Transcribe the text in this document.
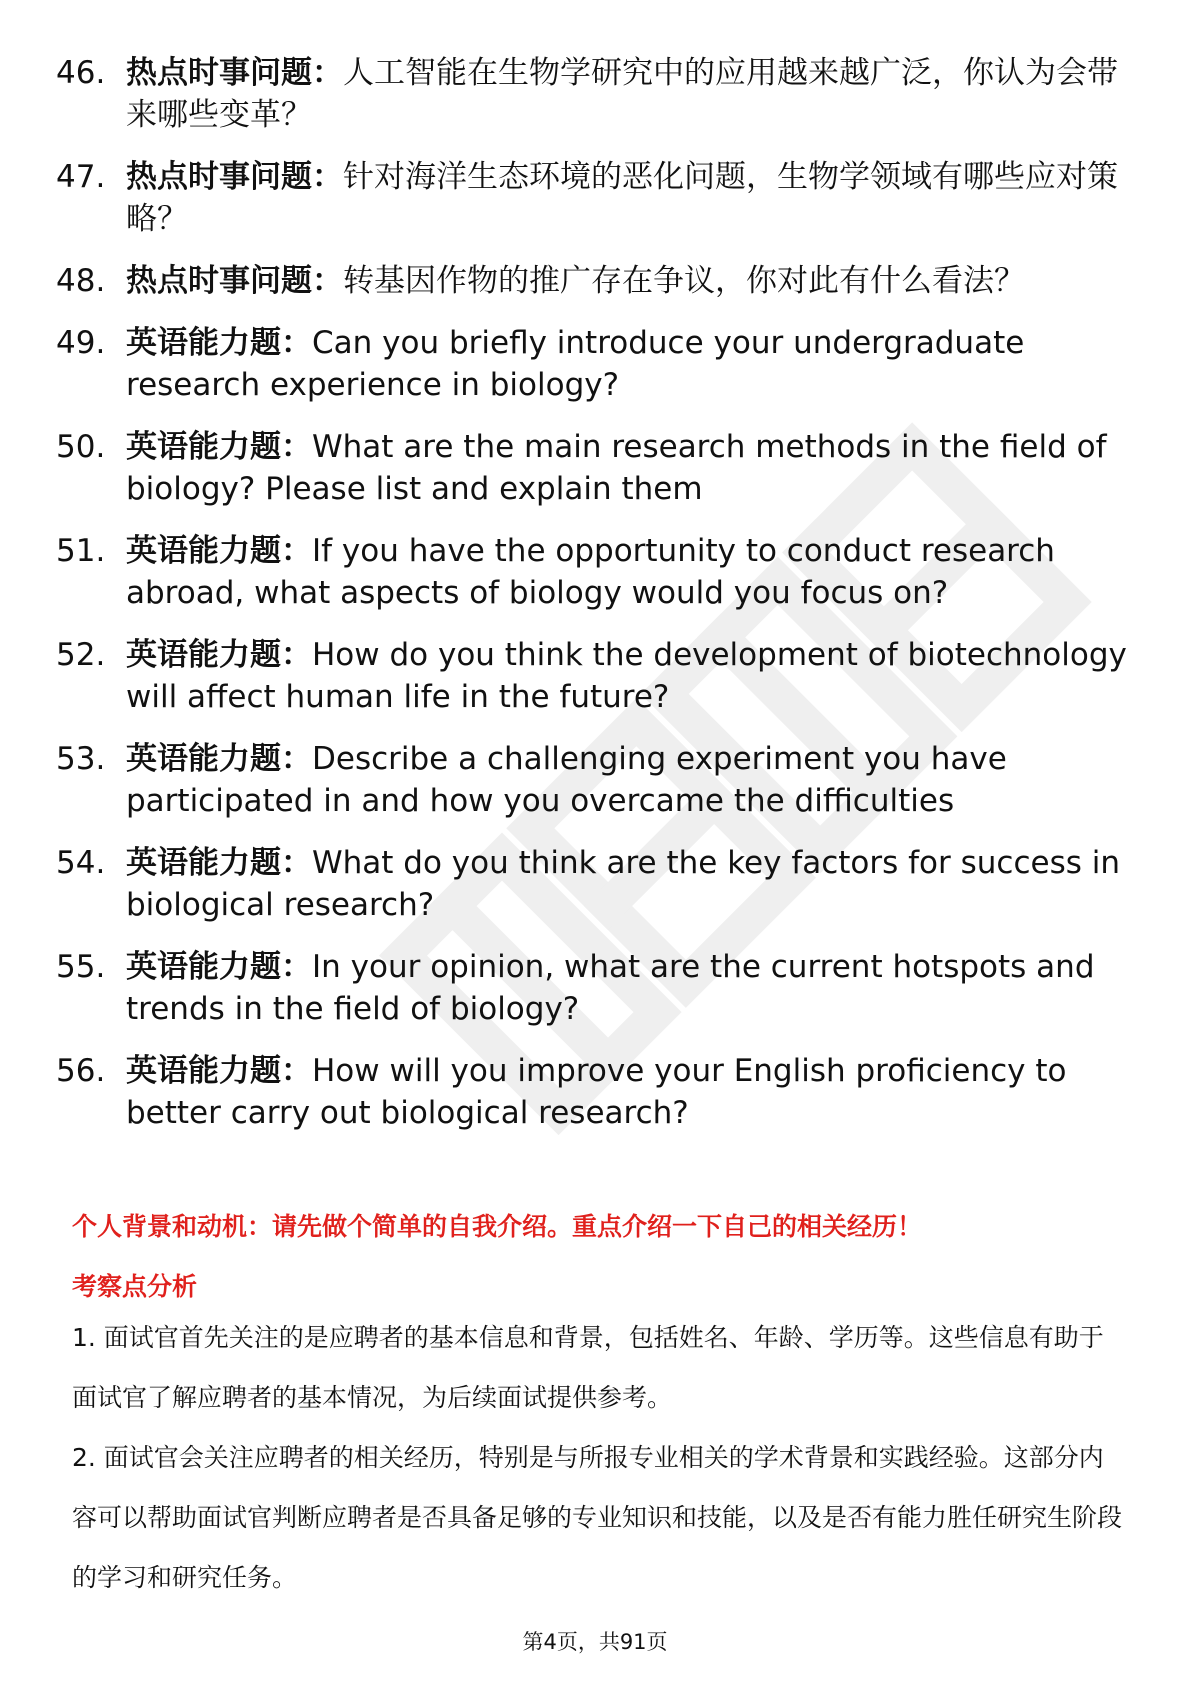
46. 热点时事问题：人工智能在生物学研究中的应用越来越广泛，你认为会带来哪些变革？
47. 热点时事问题：针对海洋生态环境的恶化问题，生物学领域有哪些应对策略？
48. 热点时事问题：转基因作物的推广存在争议，你对此有什么看法？
49. 英语能力题：Can you briefly introduce your undergraduate research experience in biology?
50. 英语能力题：What are the main research methods in the field of biology? Please list and explain them
51. 英语能力题：If you have the opportunity to conduct research abroad, what aspects of biology would you focus on?
52. 英语能力题：How do you think the development of biotechnology will affect human life in the future?
53. 英语能力题：Describe a challenging experiment you have participated in and how you overcame the difficulties
54. 英语能力题：What do you think are the key factors for success in biological research?
55. 英语能力题：In your opinion, what are the current hotspots and trends in the field of biology?
56. 英语能力题：How will you improve your English proficiency to better carry out biological research?
个人背景和动机：请先做个简单的自我介绍。重点介绍一下自己的相关经历！
考察点分析

1. 面试官首先关注的是应聘者的基本信息和背景，包括姓名、年龄、学历等。这些信息有助于面试官了解应聘者的基本情况，为后续面试提供参考。

2. 面试官会关注应聘者的相关经历，特别是与所报专业相关的学术背景和实践经验。这部分内容可以帮助面试官判断应聘者是否具备足够的专业知识和技能，以及是否有能力胜任研究生阶段的学习和研究任务。

第4页，共91页
